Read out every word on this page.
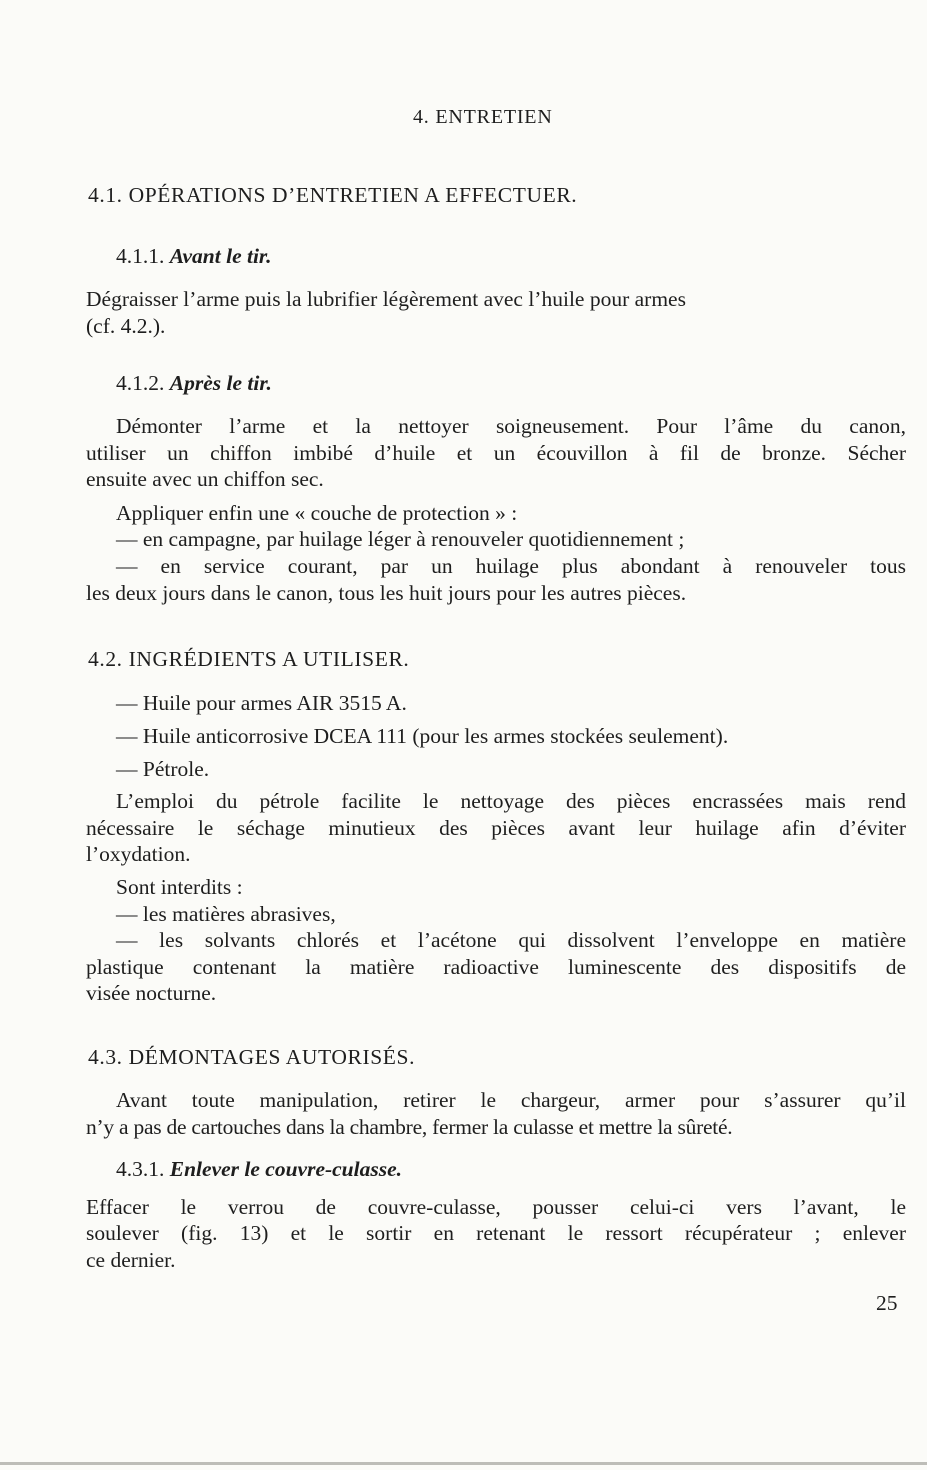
4. ENTRETIEN
4.1. OPÉRATIONS D’ENTRETIEN A EFFECTUER.
4.1.1. Avant le tir.
Dégraisser l’arme puis la lubrifier légèrement avec l’huile pour armes
(cf. 4.2.).
4.1.2. Après le tir.
Démonter l’arme et la nettoyer soigneusement. Pour l’âme du canon,
utiliser un chiffon imbibé d’huile et un écouvillon à fil de bronze. Sécher
ensuite avec un chiffon sec.
Appliquer enfin une « couche de protection » :
— en campagne, par huilage léger à renouveler quotidiennement ;
— en service courant, par un huilage plus abondant à renouveler tous
les deux jours dans le canon, tous les huit jours pour les autres pièces.
4.2. INGRÉDIENTS A UTILISER.
— Huile pour armes AIR 3515 A.
— Huile anticorrosive DCEA 111 (pour les armes stockées seulement).
— Pétrole.
L’emploi du pétrole facilite le nettoyage des pièces encrassées mais rend
nécessaire le séchage minutieux des pièces avant leur huilage afin d’éviter
l’oxydation.
Sont interdits :
— les matières abrasives,
— les solvants chlorés et l’acétone qui dissolvent l’enveloppe en matière
plastique contenant la matière radioactive luminescente des dispositifs de
visée nocturne.
4.3. DÉMONTAGES AUTORISÉS.
Avant toute manipulation, retirer le chargeur, armer pour s’assurer qu’il
n’y a pas de cartouches dans la chambre, fermer la culasse et mettre la sûreté.
4.3.1. Enlever le couvre-culasse.
Effacer le verrou de couvre-culasse, pousser celui-ci vers l’avant, le
soulever (fig. 13) et le sortir en retenant le ressort récupérateur ; enlever
ce dernier.
25
